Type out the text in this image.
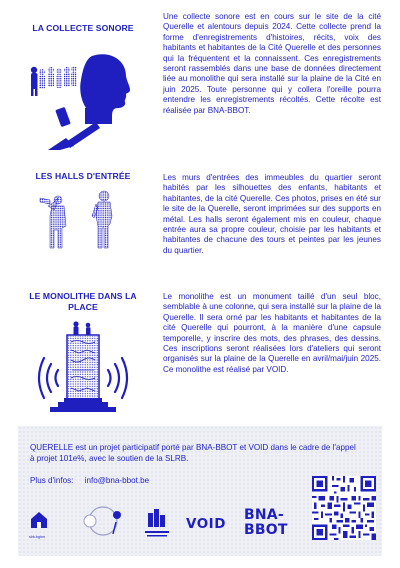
LA COLLECTE SONORE
Une collecte sonore est en cours sur le site de la cité Querelle et alentours depuis 2024. Cette collecte prend la forme d'enregistrements d'histoires, récits, voix des habitants et habitantes de la Cité Querelle et des personnes qui la fréquentent et la connaissent. Ces enregistrements seront rassemblés dans une base de données directement liée au monolithe qui sera installé sur la plaine de la Cité en juin 2025. Toute personne qui y collera l'oreille pourra entendre les enregistrements récoltés. Cette récolte est réalisée par BNA-BBOT.
LES HALLS D'ENTRÉE	Les murs d'entrées des immeubles du quartier seront habités par les silhouettes des enfants, habitants et habitantes, de la cité Querelle. Ces photos, prises en été sur le site de la Querelle, seront imprimées sur des supports en métal. Les halls seront également mis en couleur, chaque entrée aura sa propre couleur, choisie par les habitants et habitantes de chacune des tours et peintes par les jeunes du quartier.
LE MONOLITHE DANS LA PLACE
Le monolithe est un monument taillé d'un seul bloc, semblable à une colonne, qui sera installé sur la plaine de la Querelle. Il sera orné par les habitants et habitantes de la cité Querelle qui pourront, à la manière d'une capsule temporelle, y inscrire des mots, des phrases, des dessins. Ces inscriptions seront réalisées lors d'ateliers qui seront organisés sur la plaine de la Querelle en avril/mai/juin 2025. Ce monolithe est réalisé par VOID.
QUERELLE est un projet participatif porté par BNA-BBOT et VOID dans le cadre de l'appel à projet 101e%, avec le soutien de la SLRB.
Plus d'infos: info@bna-bbot.be
slrb-bghm
VOID
BNA-
BBOT
